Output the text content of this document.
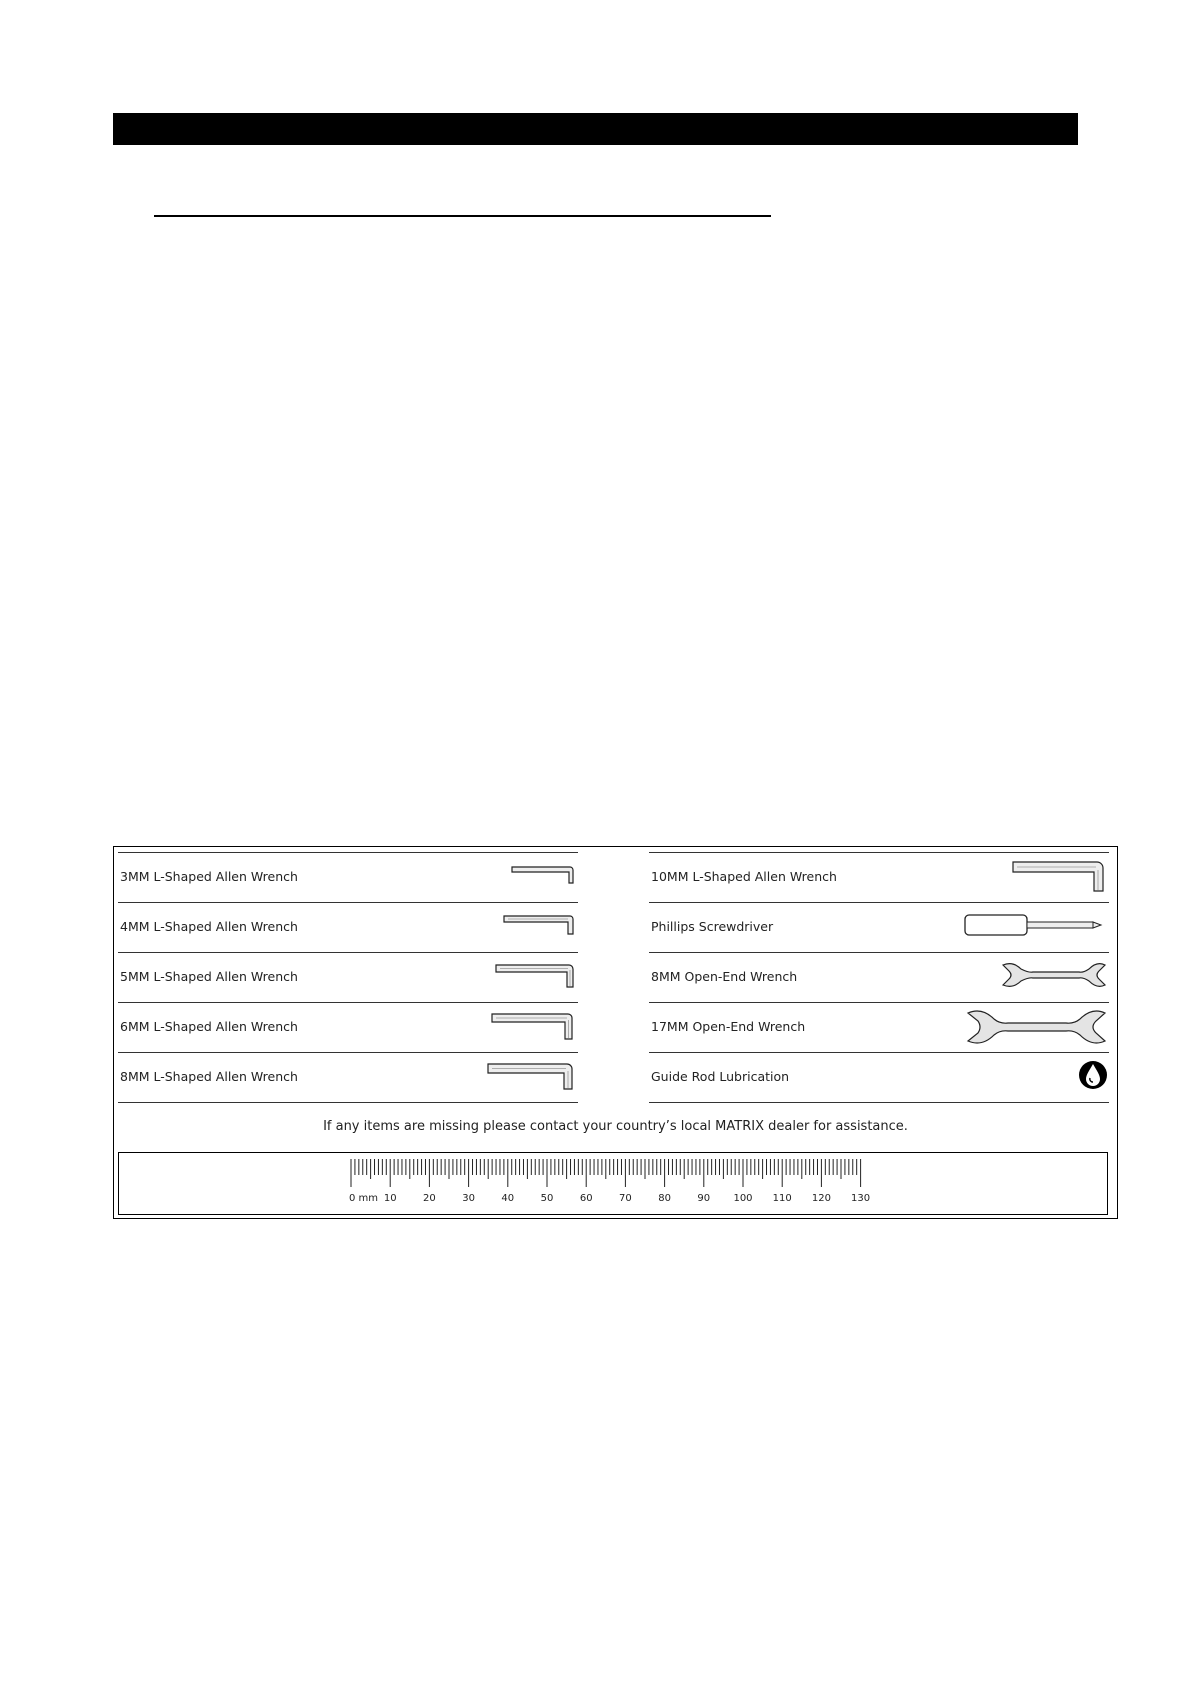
3MM L-Shaped Allen Wrench
4MM L-Shaped Allen Wrench
5MM L-Shaped Allen Wrench
6MM L-Shaped Allen Wrench
8MM L-Shaped Allen Wrench
10MM L-Shaped Allen Wrench
Phillips Screwdriver
8MM Open-End Wrench
17MM Open-End Wrench
Guide Rod Lubrication
If any items are missing please contact your country’s local MATRIX dealer for assistance.
0 mm 10	20	30	40	50	60	70	80	90 100 110 120 130
